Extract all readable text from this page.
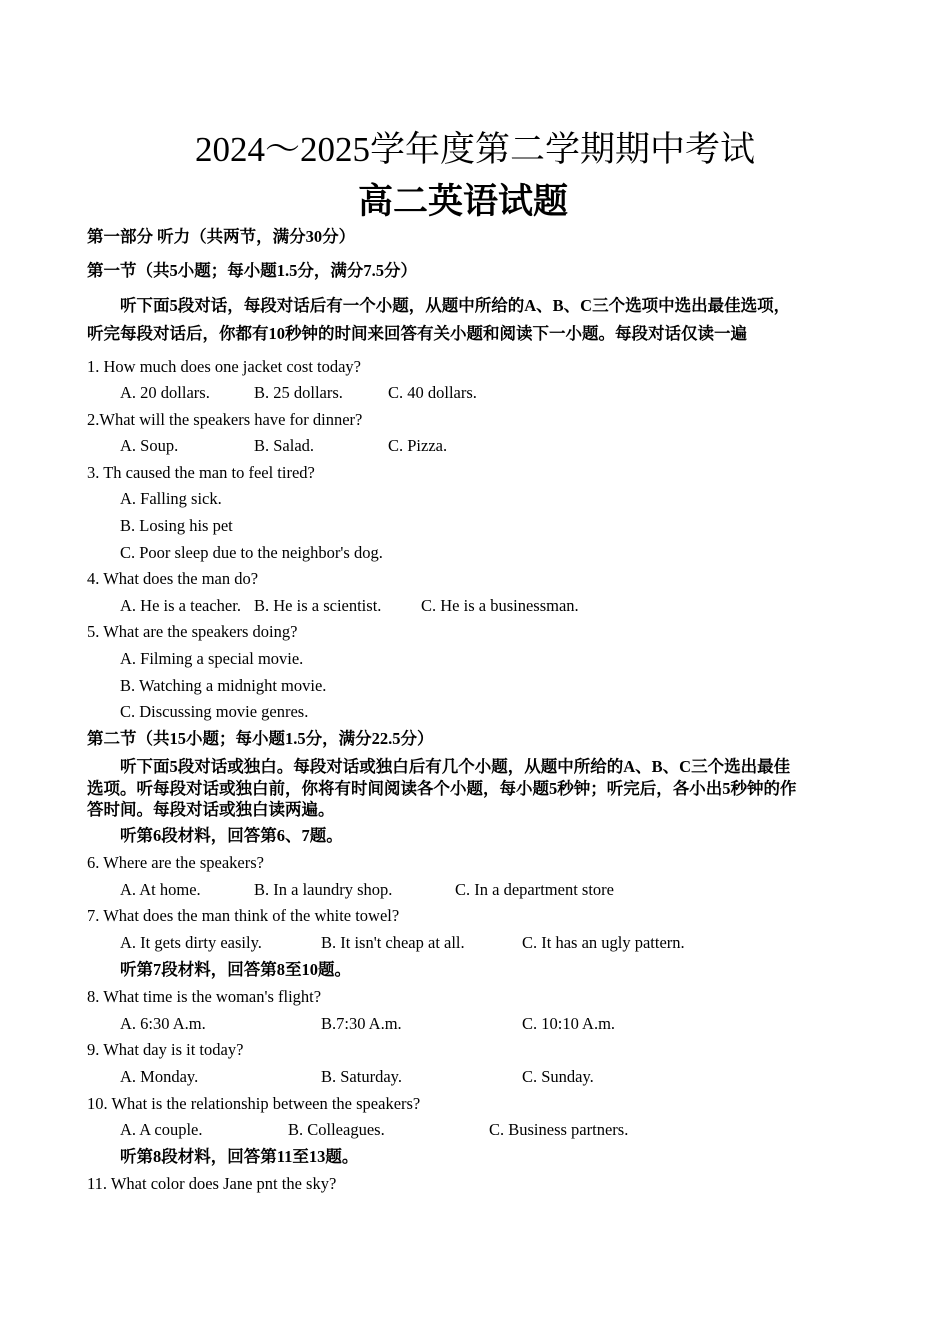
2024～2025学年度第二学期期中考试
高二英语试题
第一部分 听力（共两节，满分30分）
第一节（共5小题；每小题1.5分，满分7.5分）
听下面5段对话，每段对话后有一个小题，从题中所给的A、B、C三个选项中选出最佳选项，
听完每段对话后，你都有10秒钟的时间来回答有关小题和阅读下一小题。每段对话仅读一遍
1. How much does one jacket cost today?
A. 20 dollars.	B. 25 dollars.	C. 40 dollars.
2.What will the speakers have for dinner?
A. Soup.	B. Salad.	C. Pizza.
3. Th caused the man to feel tired?
A. Falling sick.
B. Losing his pet
C. Poor sleep due to the neighbor's dog.
4. What does the man do?
A. He is a teacher. B. He is a scientist. C. He is a businessman.
5. What are the speakers doing?
A. Filming a special movie.
B. Watching a midnight movie.
C. Discussing movie genres.
第二节（共15小题；每小题1.5分，满分22.5分）
听下面5段对话或独白。每段对话或独白后有几个小题，从题中所给的A、B、C三个选出最佳
选项。听每段对话或独白前，你将有时间阅读各个小题，每小题5秒钟；听完后，各小出5秒钟的作
答时间。每段对话或独白读两遍。
听第6段材料，回答第6、7题。
6. Where are the speakers?
A. At home.	B. In a laundry shop.	C. In a department store
7. What does the man think of the white towel?
A. It gets dirty easily.	B. It isn't cheap at all.	C. It has an ugly pattern.
听第7段材料，回答第8至10题。
8. What time is the woman's flight?
A. 6:30 A.m.	B.7:30 A.m.	C. 10:10 A.m.
9. What day is it today?
A. Monday.	B. Saturday.	C. Sunday.
10. What is the relationship between the speakers?
A. A couple.	B. Colleagues.	C. Business partners.
听第8段材料，回答第11至13题。
11. What color does Jane pnt the sky?
